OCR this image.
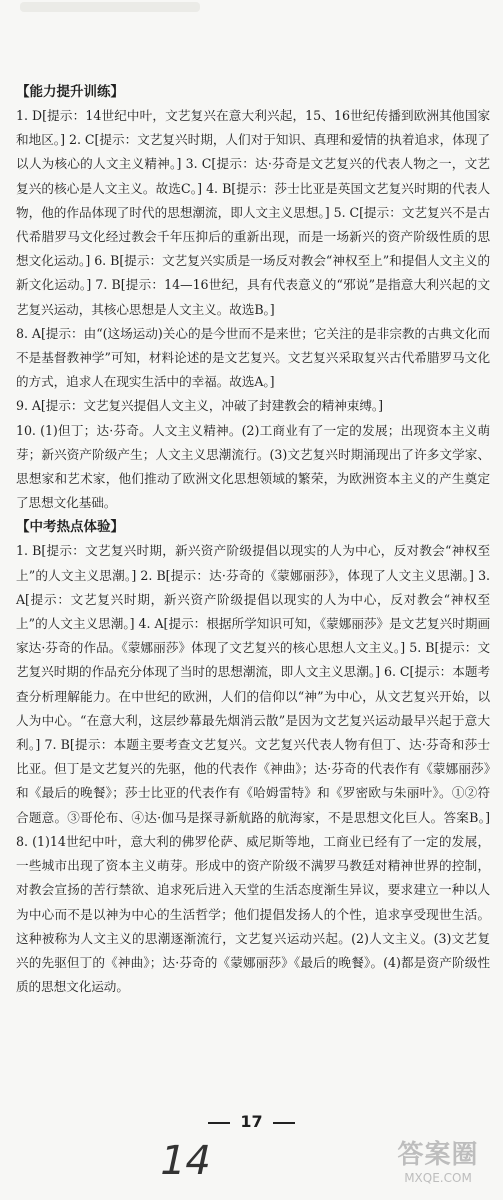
【能力提升训练】

1. D[提示：14世纪中叶，文艺复兴在意大利兴起，15、16世纪传播到欧洲其他国家和地区。] 2. C[提示：文艺复兴时期，人们对于知识、真理和爱情的执着追求，体现了以人为核心的人文主义精神。] 3. C[提示：达·芬奇是文艺复兴的代表人物之一，文艺复兴的核心是人文主义。故选C。] 4. B[提示：莎士比亚是英国文艺复兴时期的代表人物，他的作品体现了时代的思想潮流，即人文主义思想。] 5. C[提示：文艺复兴不是古代希腊罗马文化经过教会千年压抑后的重新出现，而是一场新兴的资产阶级性质的思想文化运动。] 6. B[提示：文艺复兴实质是一场反对教会“神权至上”和提倡人文主义的新文化运动。] 7. B[提示：14—16世纪，具有代表意义的“邪说”是指意大利兴起的文艺复兴运动，其核心思想是人文主义。故选B。]

8. A[提示：由“(这场运动)关心的是今世而不是来世；它关注的是非宗教的古典文化而不是基督教神学”可知，材料论述的是文艺复兴。文艺复兴采取复兴古代希腊罗马文化的方式，追求人在现实生活中的幸福。故选A。]

9. A[提示：文艺复兴提倡人文主义，冲破了封建教会的精神束缚。]

10. (1)但丁；达·芬奇。人文主义精神。(2)工商业有了一定的发展；出现资本主义萌芽；新兴资产阶级产生；人文主义思潮流行。(3)文艺复兴时期涌现出了许多文学家、思想家和艺术家，他们推动了欧洲文化思想领域的繁荣，为欧洲资本主义的产生奠定了思想文化基础。

【中考热点体验】

1. B[提示：文艺复兴时期，新兴资产阶级提倡以现实的人为中心，反对教会“神权至上”的人文主义思潮。] 2. B[提示：达·芬奇的《蒙娜丽莎》，体现了人文主义思潮。] 3. A[提示：文艺复兴时期，新兴资产阶级提倡以现实的人为中心，反对教会“神权至上”的人文主义思潮。] 4. A[提示：根据所学知识可知，《蒙娜丽莎》是文艺复兴时期画家达·芬奇的作品。《蒙娜丽莎》体现了文艺复兴的核心思想人文主义。] 5. B[提示：文艺复兴时期的作品充分体现了当时的思想潮流，即人文主义思潮。] 6. C[提示：本题考查分析理解能力。在中世纪的欧洲，人们的信仰以“神”为中心，从文艺复兴开始，以人为中心。“在意大利，这层纱幕最先烟消云散”是因为文艺复兴运动最早兴起于意大利。] 7. B[提示：本题主要考查文艺复兴。文艺复兴代表人物有但丁、达·芬奇和莎士比亚。但丁是文艺复兴的先驱，他的代表作《神曲》；达·芬奇的代表作有《蒙娜丽莎》和《最后的晚餐》；莎士比亚的代表作有《哈姆雷特》和《罗密欧与朱丽叶》。①②符合题意。③哥伦布、④达·伽马是探寻新航路的航海家，不是思想文化巨人。答案B。] 8. (1)14世纪中叶，意大利的佛罗伦萨、威尼斯等地，工商业已经有了一定的发展，一些城市出现了资本主义萌芽。形成中的资产阶级不满罗马教廷对精神世界的控制，对教会宣扬的苦行禁欲、追求死后进入天堂的生活态度渐生异议，要求建立一种以人为中心而不是以神为中心的生活哲学；他们提倡发扬人的个性，追求享受现世生活。这种被称为人文主义的思潮逐渐流行，文艺复兴运动兴起。(2)人文主义。(3)文艺复兴的先驱但丁的《神曲》；达·芬奇的《蒙娜丽莎》《最后的晚餐》。(4)都是资产阶级性质的思想文化运动。

17
14	答案圈
MXQE.COM
